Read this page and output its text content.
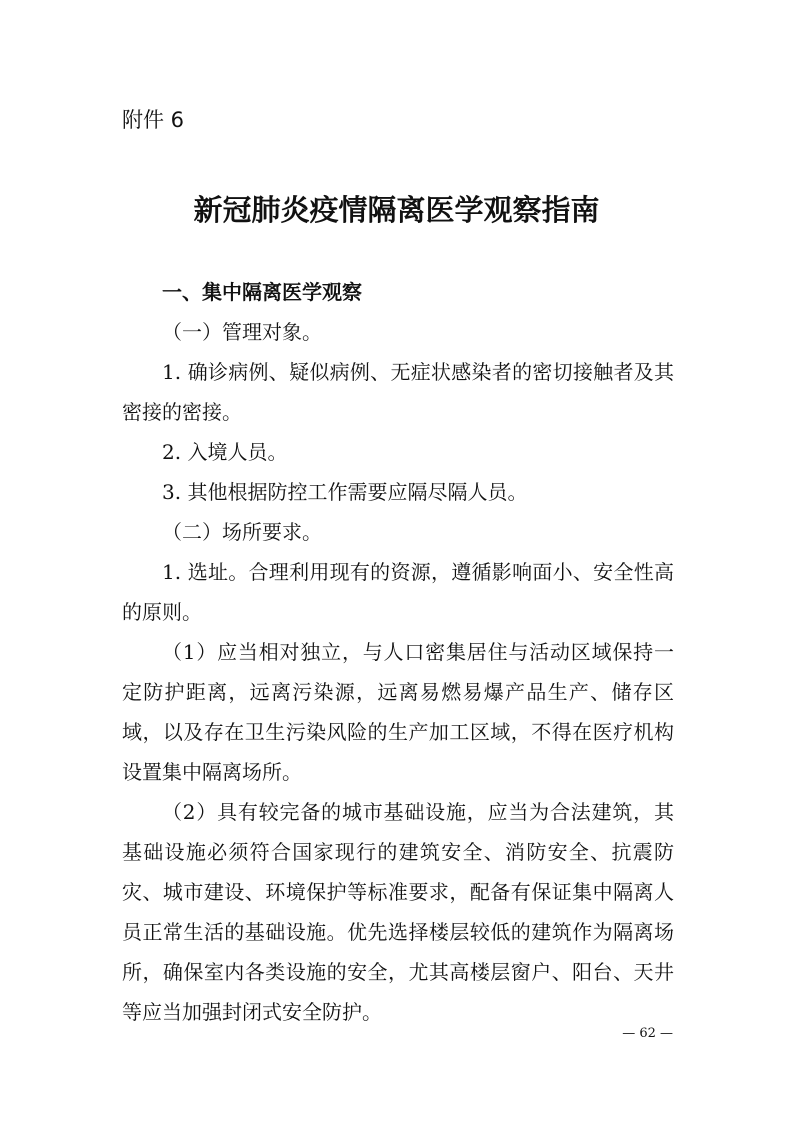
附件 6
新冠肺炎疫情隔离医学观察指南

一、集中隔离医学观察

（一）管理对象。

1. 确诊病例、疑似病例、无症状感染者的密切接触者及其密接的密接。

2. 入境人员。

3. 其他根据防控工作需要应隔尽隔人员。

（二）场所要求。

1. 选址。合理利用现有的资源，遵循影响面小、安全性高的原则。

（1）应当相对独立，与人口密集居住与活动区域保持一定防护距离，远离污染源，远离易燃易爆产品生产、储存区域，以及存在卫生污染风险的生产加工区域，不得在医疗机构设置集中隔离场所。

（2）具有较完备的城市基础设施，应当为合法建筑，其基础设施必须符合国家现行的建筑安全、消防安全、抗震防灾、城市建设、环境保护等标准要求，配备有保证集中隔离人员正常生活的基础设施。优先选择楼层较低的建筑作为隔离场所，确保室内各类设施的安全，尤其高楼层窗户、阳台、天井等应当加强封闭式安全防护。

— 62 —
